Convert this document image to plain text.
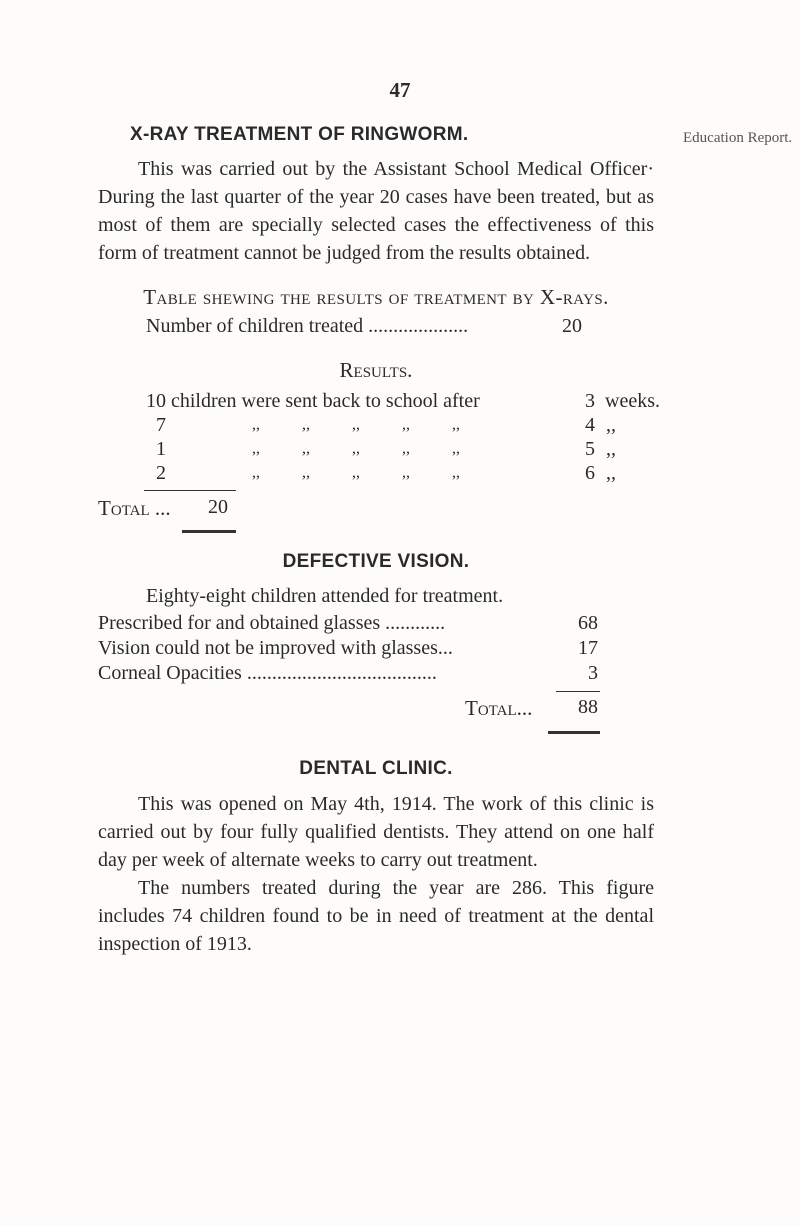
47
Education Report.
X-RAY TREATMENT OF RINGWORM.

This was carried out by the Assistant School Medical Officer· During the last quarter of the year 20 cases have been treated, but as most of them are specially selected cases the effectiveness of this form of treatment cannot be judged from the results obtained.

Table shewing the results of treatment by X-rays.
Number of children treated ....................	20
Results.
10 children were sent back to school after	3 weeks.
7	,,	,,	,,	,,	,,	4 ,,
1	,,	,,	,,	,,	,,	5 ,,
2	,,	,,	,,	,,	,,	6 ,,
Total ... 20
DEFECTIVE VISION.
Eighty-eight children attended for treatment.
Prescribed for and obtained glasses ............	68
Vision could not be improved with glasses...	17
Corneal Opacities ......................................	3
Total...	88
DENTAL CLINIC.

This was opened on May 4th, 1914. The work of this clinic is carried out by four fully qualified dentists. They attend on one half day per week of alternate weeks to carry out treatment.

The numbers treated during the year are 286. This figure includes 74 children found to be in need of treatment at the dental inspection of 1913.
